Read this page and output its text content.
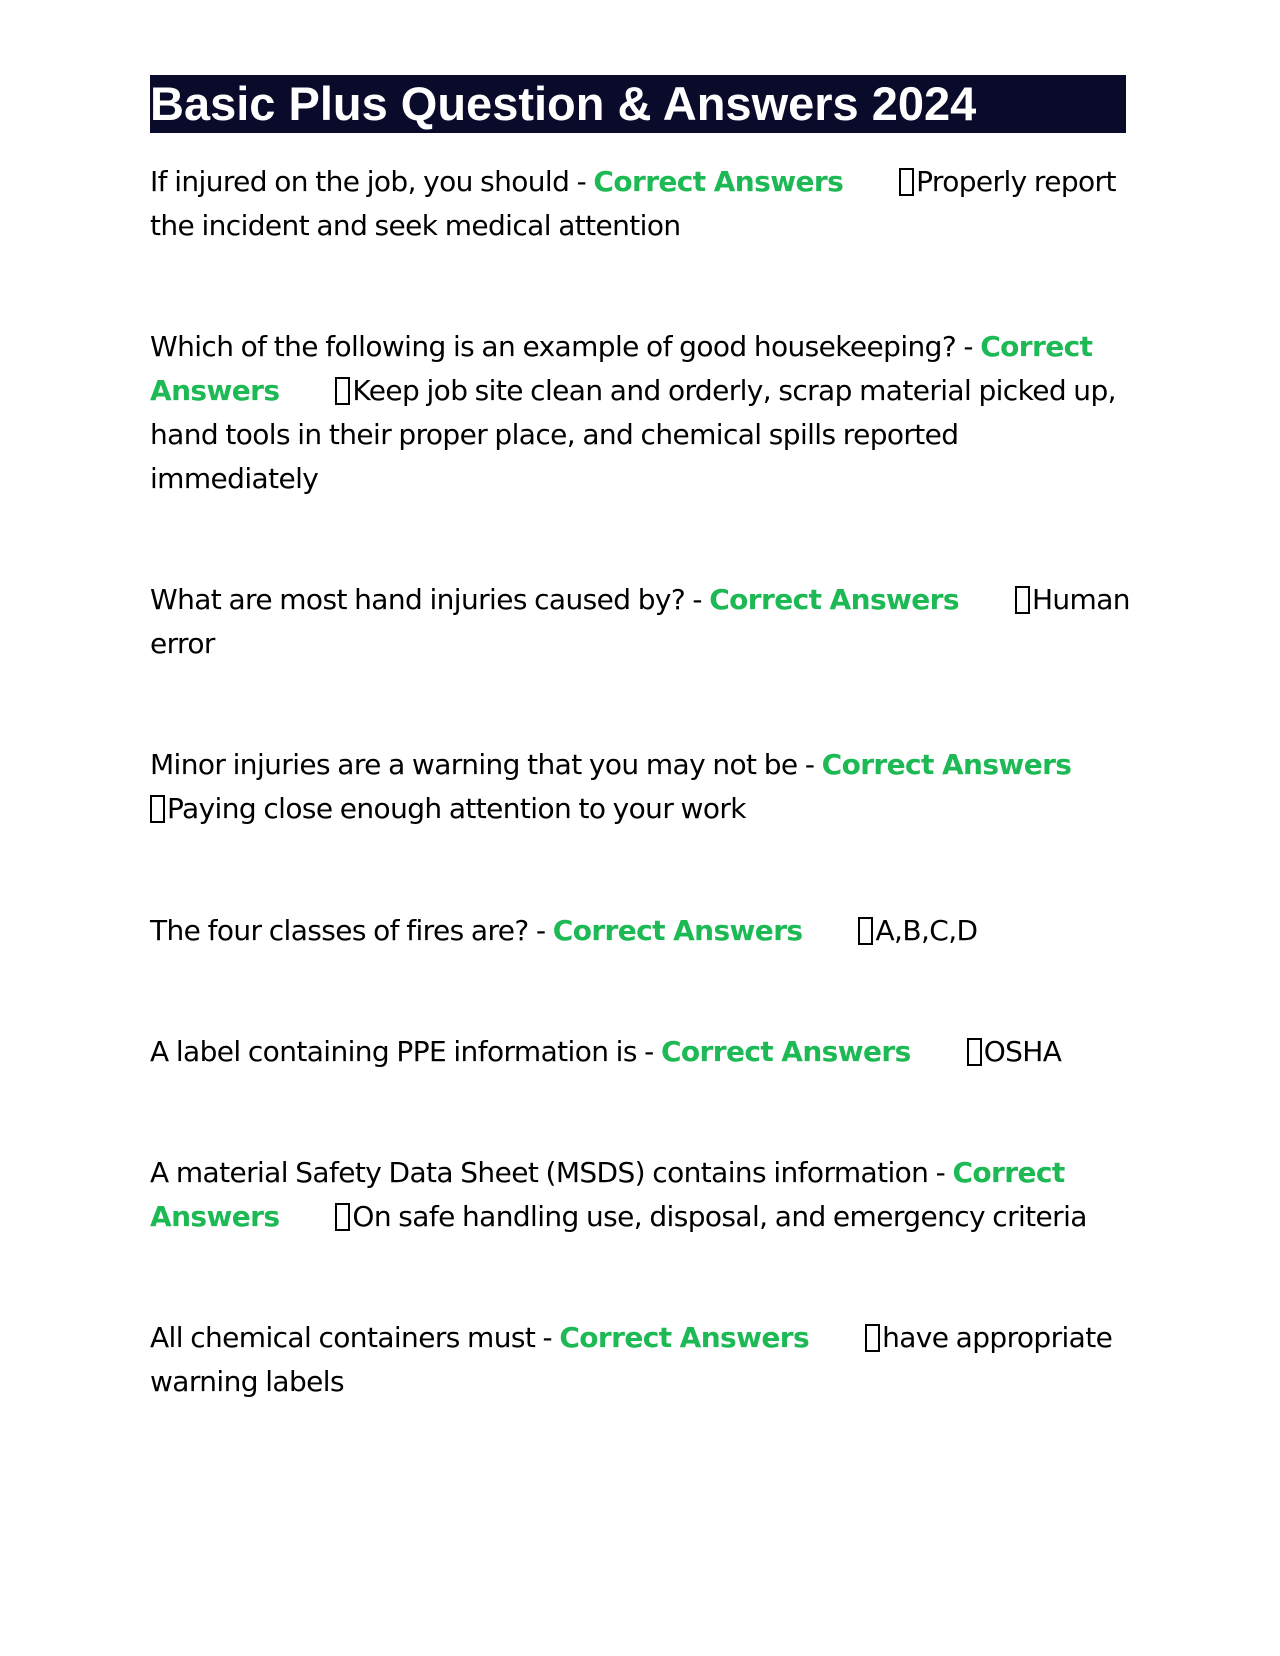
Basic Plus Question & Answers 2024
If injured on the job, you should - Correct Answers	Properly report the incident and seek medical attention
Which of the following is an example of good housekeeping? - Correct Answers	Keep job site clean and orderly, scrap material picked up, hand tools in their proper place, and chemical spills reported immediately
What are most hand injuries caused by? - Correct Answers	Human error
Minor injuries are a warning that you may not be - Correct Answers
Paying close enough attention to your work
The four classes of fires are? - Correct Answers	A,B,C,D
A label containing PPE information is - Correct Answers	OSHA
A material Safety Data Sheet (MSDS) contains information - Correct Answers	On safe handling use, disposal, and emergency criteria
All chemical containers must - Correct Answers	have appropriate warning labels
